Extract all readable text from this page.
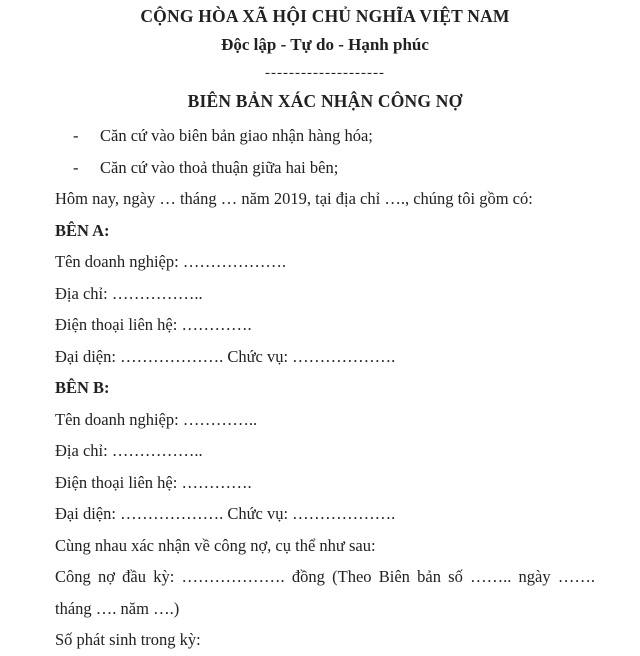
CỘNG HÒA XÃ HỘI CHỦ NGHĨA VIỆT NAM

Độc lập - Tự do - Hạnh phúc

--------------------

BIÊN BẢN XÁC NHẬN CÔNG NỢ

-	Căn cứ vào biên bản giao nhận hàng hóa;
-	Căn cứ vào thoả thuận giữa hai bên;

Hôm nay, ngày … tháng … năm 2019, tại địa chỉ …., chúng tôi gồm có:

BÊN A:

Tên doanh nghiệp: ……………….

Địa chỉ: ……………..

Điện thoại liên hệ: ………….

Đại diện: ………………. Chức vụ: ……………….

BÊN B:

Tên doanh nghiệp: …………..

Địa chỉ: ……………..

Điện thoại liên hệ: ………….

Đại diện: ………………. Chức vụ: ……………….

Cùng nhau xác nhận về công nợ, cụ thể như sau:

Công nợ đầu kỳ: ………………. đồng (Theo Biên bản số …….. ngày …….

tháng …. năm ….)

Số phát sinh trong kỳ:
